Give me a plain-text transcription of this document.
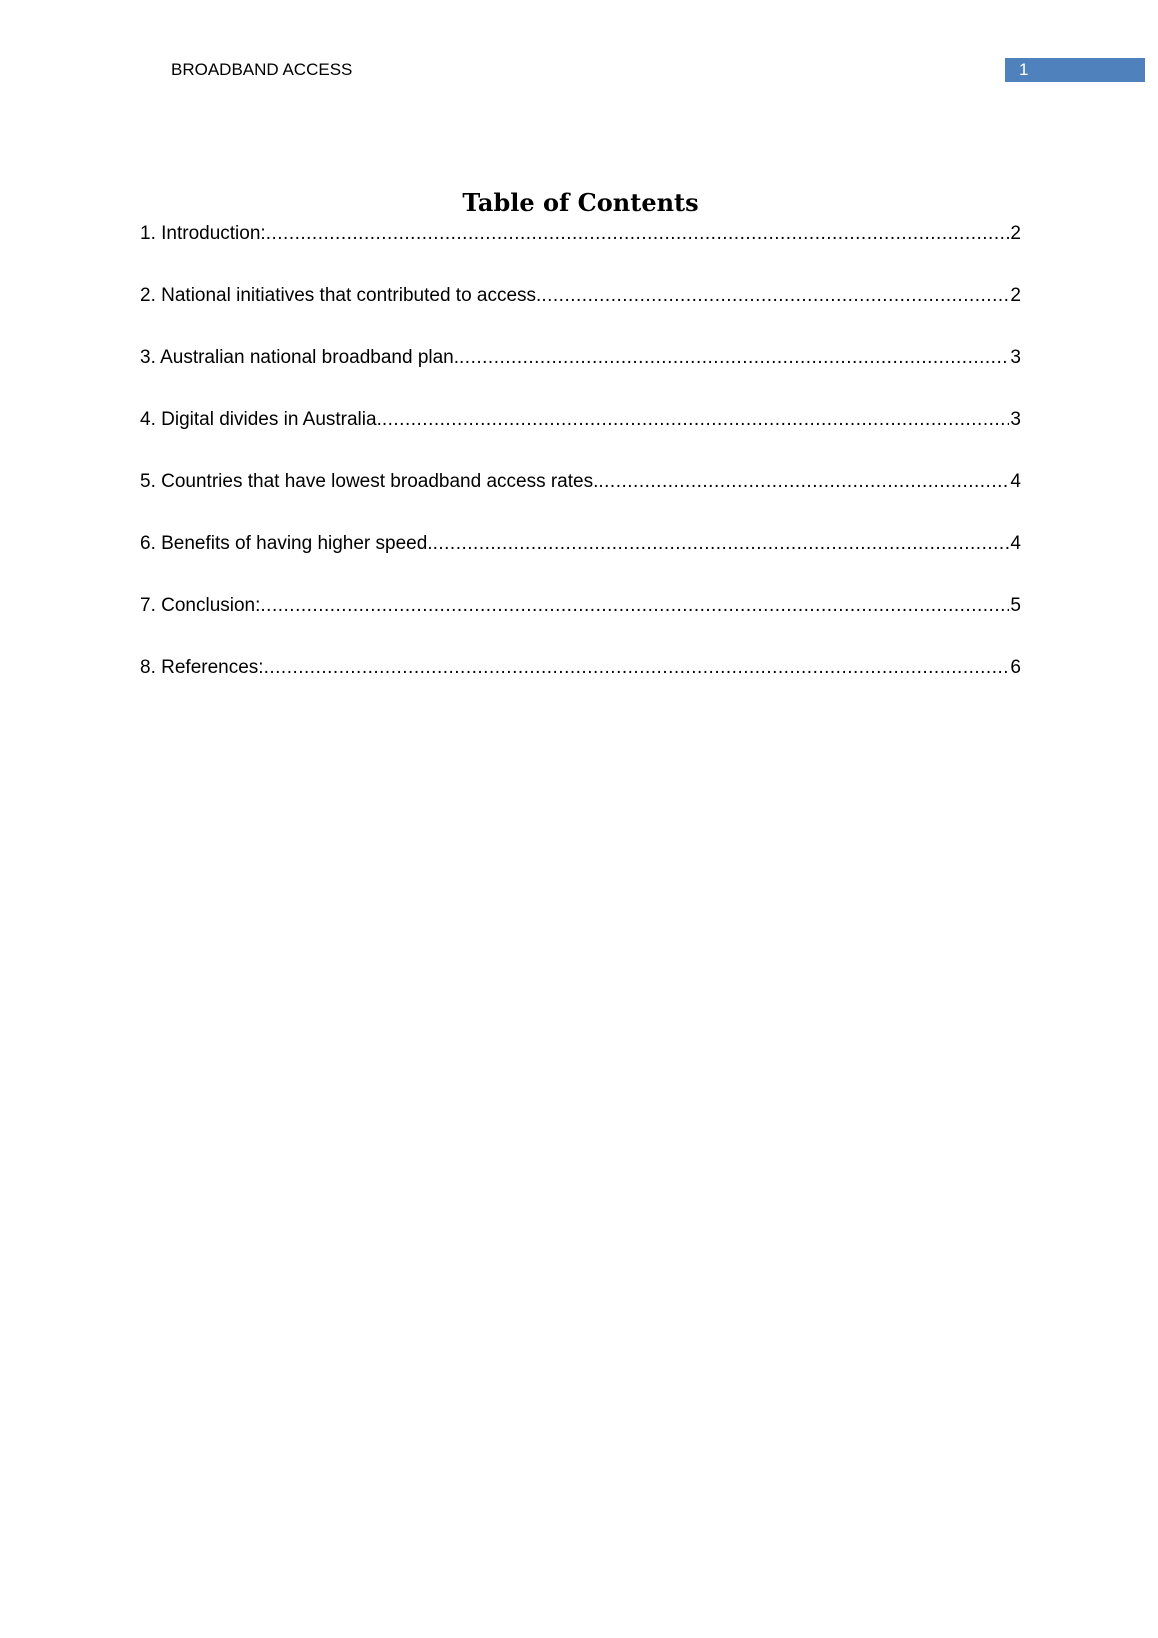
BROADBAND ACCESS	1
Table of Contents
1. Introduction: .....	2
2. National initiatives that contributed to access. .....	2
3. Australian national broadband plan. .....	3
4. Digital divides in Australia. .....	3
5. Countries that have lowest broadband access rates. .....	4
6. Benefits of having higher speed. .....	4
7. Conclusion: .....	5
8. References: .....	6
